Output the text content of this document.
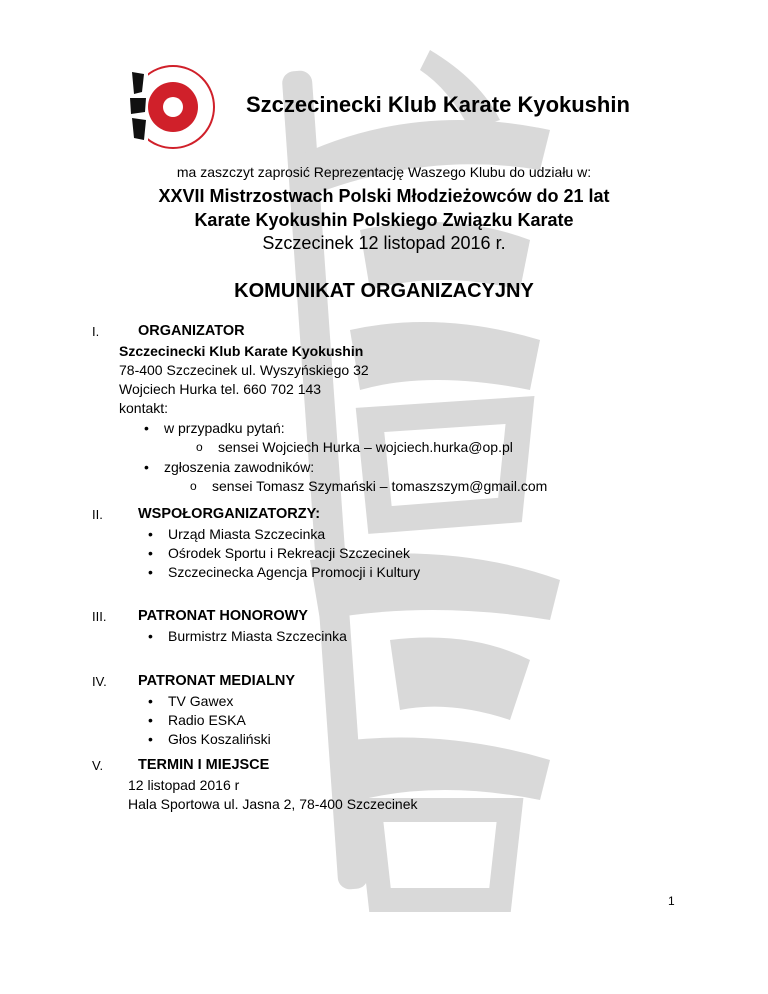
Szczecinecki Klub Karate Kyokushin
ma zaszczyt zaprosić Reprezentację Waszego Klubu do udziału w:
XXVII Mistrzostwach Polski Młodzieżowców do 21 lat
Karate Kyokushin Polskiego Związku Karate
Szczecinek 12 listopad 2016 r.
KOMUNIKAT ORGANIZACYJNY
I.	ORGANIZATOR
Szczecinecki Klub Karate Kyokushin
78-400 Szczecinek ul. Wyszyńskiego 32
Wojciech Hurka tel. 660 702 143
kontakt:
• w przypadku pytań:
o sensei Wojciech Hurka – wojciech.hurka@op.pl
• zgłoszenia zawodników:
o sensei Tomasz Szymański – tomaszszym@gmail.com
II. WSPOŁORGANIZATORZY:
• Urząd Miasta Szczecinka
• Ośrodek Sportu i Rekreacji Szczecinek
• Szczecinecka Agencja Promocji i Kultury
III. PATRONAT HONOROWY
• Burmistrz Miasta Szczecinka
IV. PATRONAT MEDIALNY
• TV Gawex
• Radio ESKA
• Głos Koszaliński
V. TERMIN I MIEJSCE
12 listopad 2016 r
Hala Sportowa ul. Jasna 2, 78-400 Szczecinek
1
